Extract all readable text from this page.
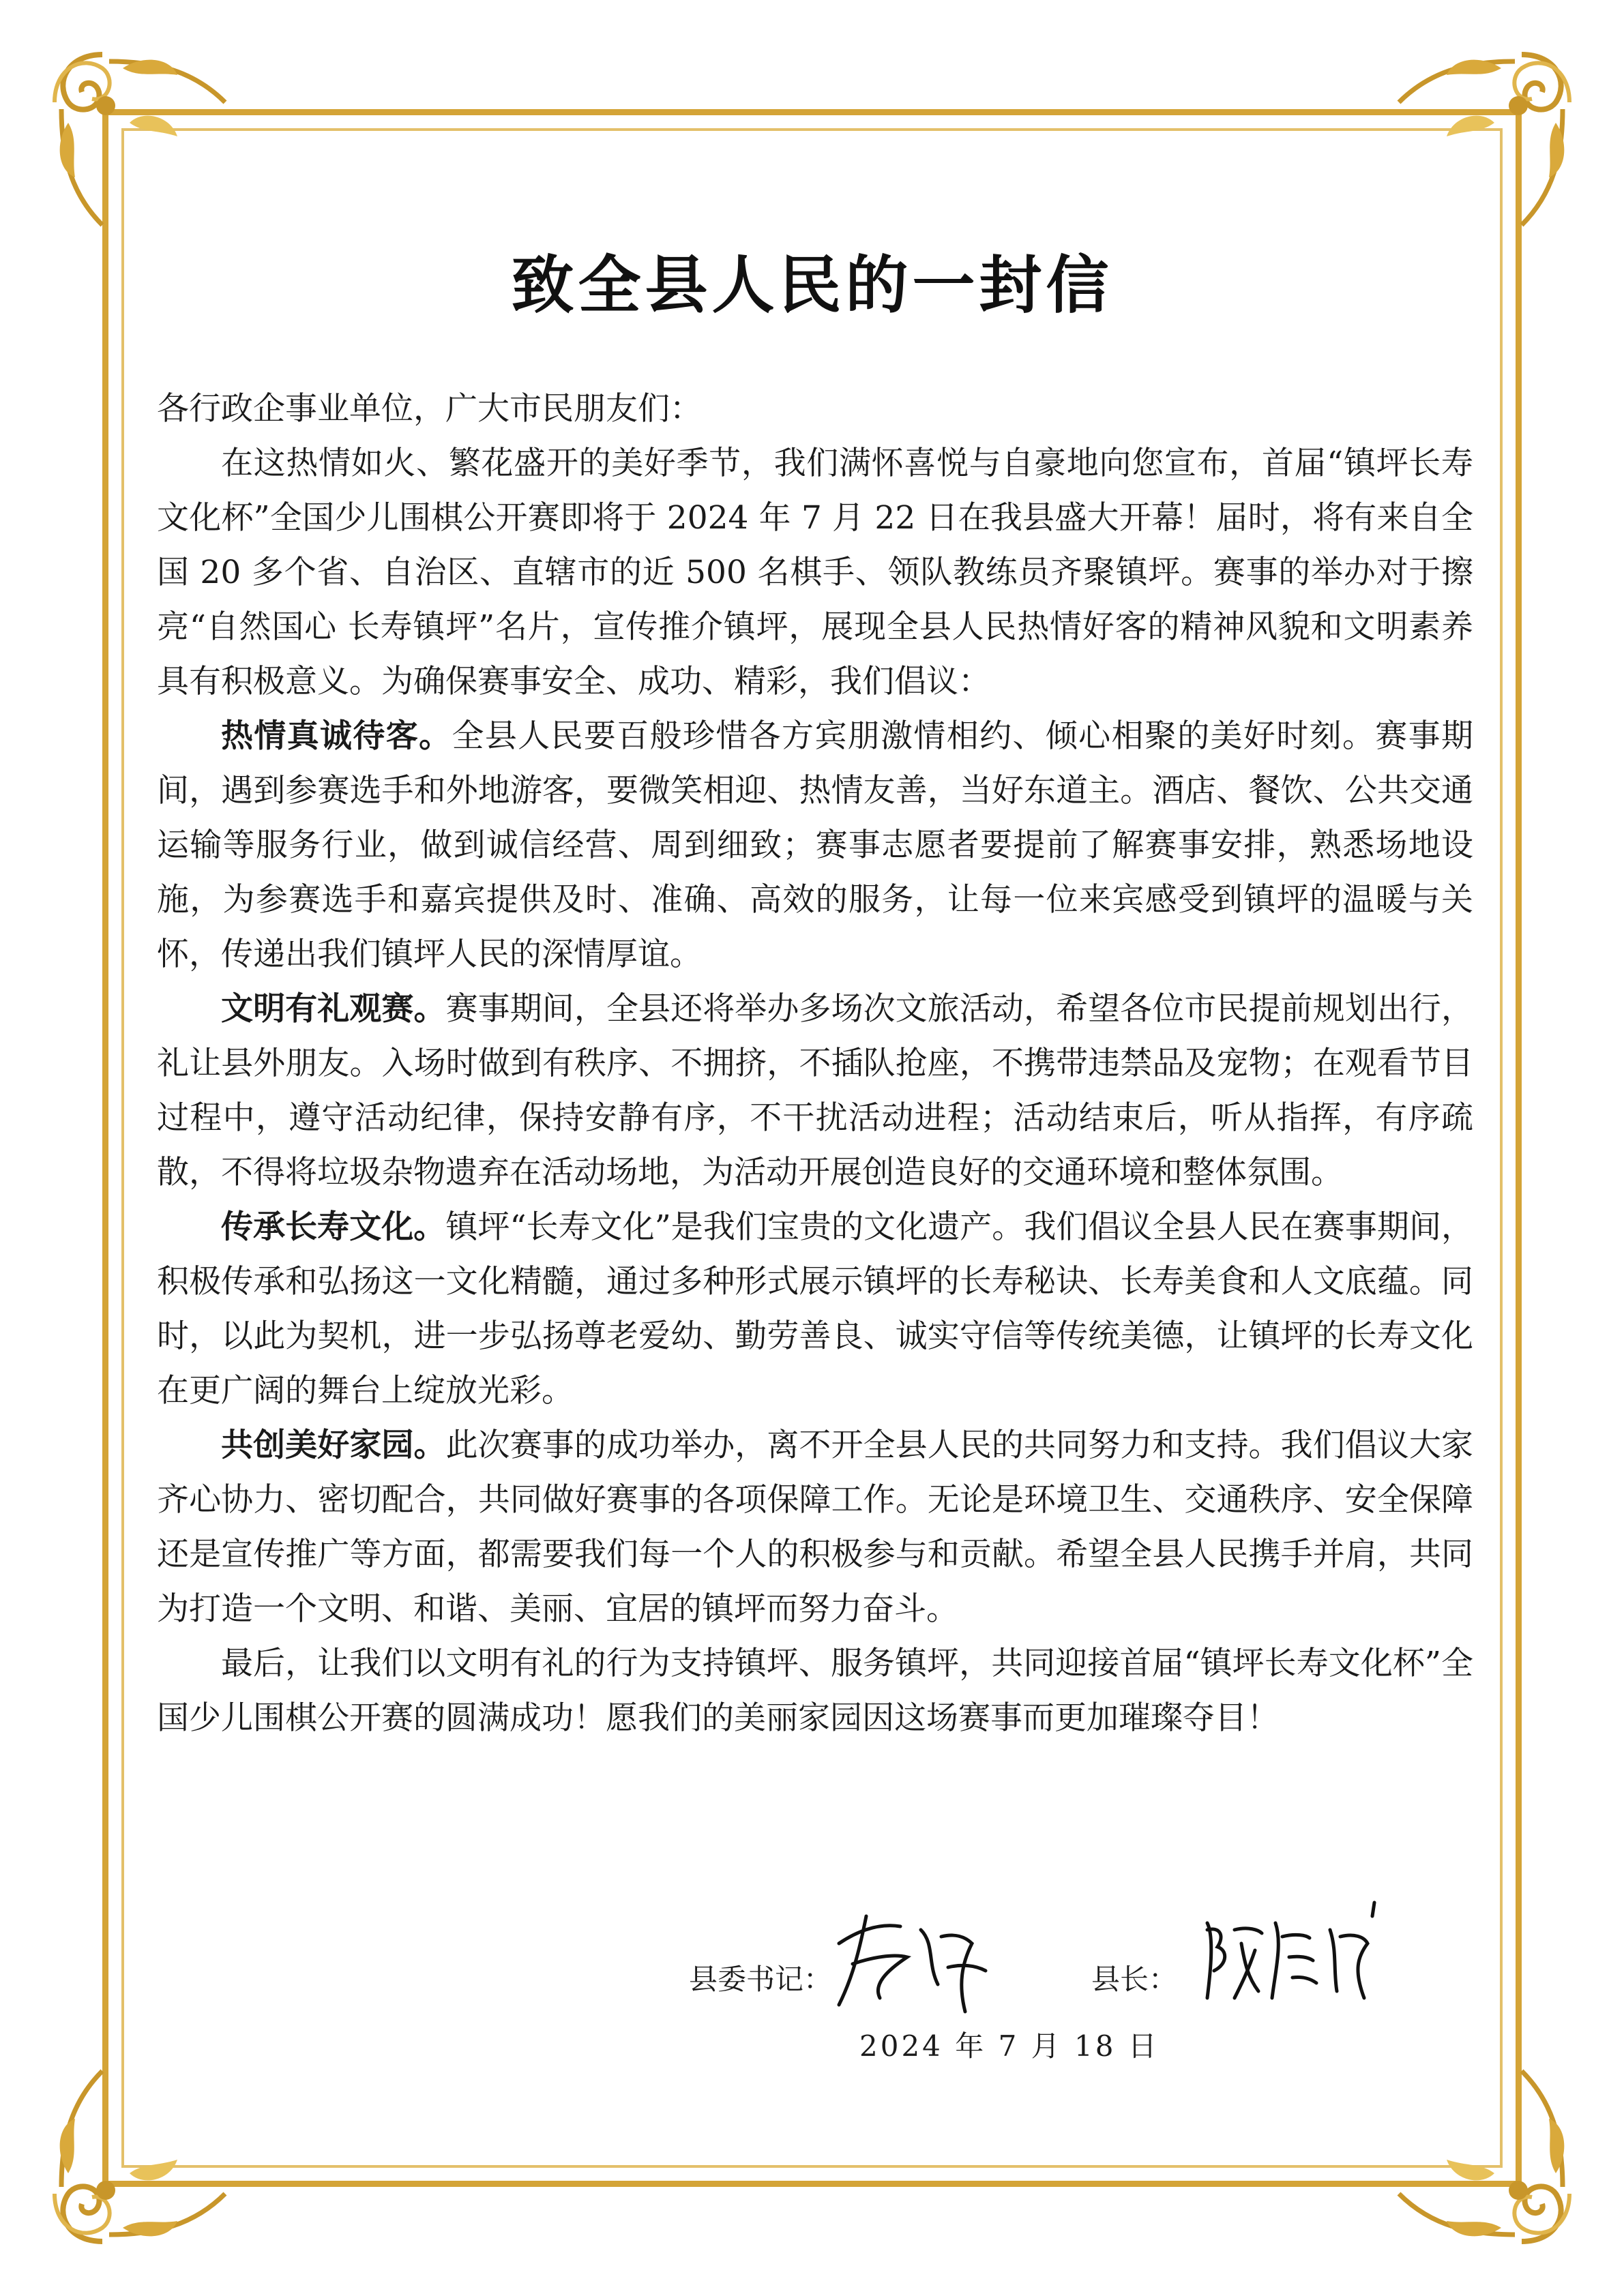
致全县人民的一封信

各行政企事业单位，广大市民朋友们：

在这热情如火、繁花盛开的美好季节，我们满怀喜悦与自豪地向您宣布，首届“镇坪长寿文化杯”全国少儿围棋公开赛即将于 2024 年 7 月 22 日在我县盛大开幕！届时，将有来自全国 20 多个省、自治区、直辖市的近 500 名棋手、领队教练员齐聚镇坪。赛事的举办对于擦亮“自然国心 长寿镇坪”名片，宣传推介镇坪，展现全县人民热情好客的精神风貌和文明素养具有积极意义。为确保赛事安全、成功、精彩，我们倡议：

热情真诚待客。全县人民要百般珍惜各方宾朋激情相约、倾心相聚的美好时刻。赛事期间，遇到参赛选手和外地游客，要微笑相迎、热情友善，当好东道主。酒店、餐饮、公共交通运输等服务行业，做到诚信经营、周到细致；赛事志愿者要提前了解赛事安排，熟悉场地设施，为参赛选手和嘉宾提供及时、准确、高效的服务，让每一位来宾感受到镇坪的温暖与关怀，传递出我们镇坪人民的深情厚谊。

文明有礼观赛。赛事期间，全县还将举办多场次文旅活动，希望各位市民提前规划出行，礼让县外朋友。入场时做到有秩序、不拥挤，不插队抢座，不携带违禁品及宠物；在观看节目过程中，遵守活动纪律，保持安静有序，不干扰活动进程；活动结束后，听从指挥，有序疏散，不得将垃圾杂物遗弃在活动场地，为活动开展创造良好的交通环境和整体氛围。

传承长寿文化。镇坪“长寿文化”是我们宝贵的文化遗产。我们倡议全县人民在赛事期间，积极传承和弘扬这一文化精髓，通过多种形式展示镇坪的长寿秘诀、长寿美食和人文底蕴。同时，以此为契机，进一步弘扬尊老爱幼、勤劳善良、诚实守信等传统美德，让镇坪的长寿文化在更广阔的舞台上绽放光彩。

共创美好家园。此次赛事的成功举办，离不开全县人民的共同努力和支持。我们倡议大家齐心协力、密切配合，共同做好赛事的各项保障工作。无论是环境卫生、交通秩序、安全保障还是宣传推广等方面，都需要我们每一个人的积极参与和贡献。希望全县人民携手并肩，共同为打造一个文明、和谐、美丽、宜居的镇坪而努力奋斗。

最后，让我们以文明有礼的行为支持镇坪、服务镇坪，共同迎接首届“镇坪长寿文化杯”全国少儿围棋公开赛的圆满成功！愿我们的美丽家园因这场赛事而更加璀璨夺目！

县委书记：	县长：
2024 年 7 月 18 日
